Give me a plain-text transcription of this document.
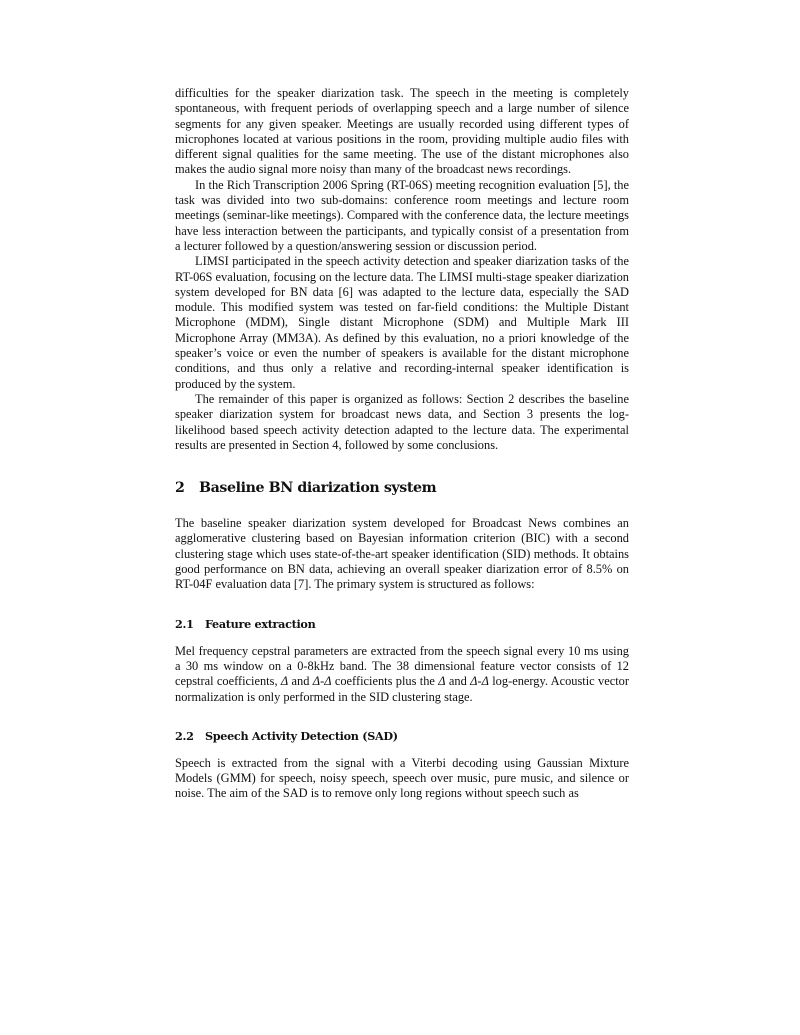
difficulties for the speaker diarization task. The speech in the meeting is completely spontaneous, with frequent periods of overlapping speech and a large number of silence segments for any given speaker. Meetings are usually recorded using different types of microphones located at various positions in the room, providing multiple audio files with different signal qualities for the same meeting. The use of the distant microphones also makes the audio signal more noisy than many of the broadcast news recordings.

In the Rich Transcription 2006 Spring (RT-06S) meeting recognition evaluation [5], the task was divided into two sub-domains: conference room meetings and lecture room meetings (seminar-like meetings). Compared with the conference data, the lecture meetings have less interaction between the participants, and typically consist of a presentation from a lecturer followed by a question/answering session or discussion period.

LIMSI participated in the speech activity detection and speaker diarization tasks of the RT-06S evaluation, focusing on the lecture data. The LIMSI multi-stage speaker diarization system developed for BN data [6] was adapted to the lecture data, especially the SAD module. This modified system was tested on far-field conditions: the Multiple Distant Microphone (MDM), Single distant Microphone (SDM) and Multiple Mark III Microphone Array (MM3A). As defined by this evaluation, no a priori knowledge of the speaker’s voice or even the number of speakers is available for the distant microphone conditions, and thus only a relative and recording-internal speaker identification is produced by the system.

The remainder of this paper is organized as follows: Section 2 describes the baseline speaker diarization system for broadcast news data, and Section 3 presents the log-likelihood based speech activity detection adapted to the lecture data. The experimental results are presented in Section 4, followed by some conclusions.

2 Baseline BN diarization system

The baseline speaker diarization system developed for Broadcast News combines an agglomerative clustering based on Bayesian information criterion (BIC) with a second clustering stage which uses state-of-the-art speaker identification (SID) methods. It obtains good performance on BN data, achieving an overall speaker diarization error of 8.5% on RT-04F evaluation data [7]. The primary system is structured as follows:

2.1 Feature extraction

Mel frequency cepstral parameters are extracted from the speech signal every 10 ms using a 30 ms window on a 0-8kHz band. The 38 dimensional feature vector consists of 12 cepstral coefficients, Δ and Δ-Δ coefficients plus the Δ and Δ-Δ log-energy. Acoustic vector normalization is only performed in the SID clustering stage.

2.2 Speech Activity Detection (SAD)

Speech is extracted from the signal with a Viterbi decoding using Gaussian Mixture Models (GMM) for speech, noisy speech, speech over music, pure music, and silence or noise. The aim of the SAD is to remove only long regions without speech such as
